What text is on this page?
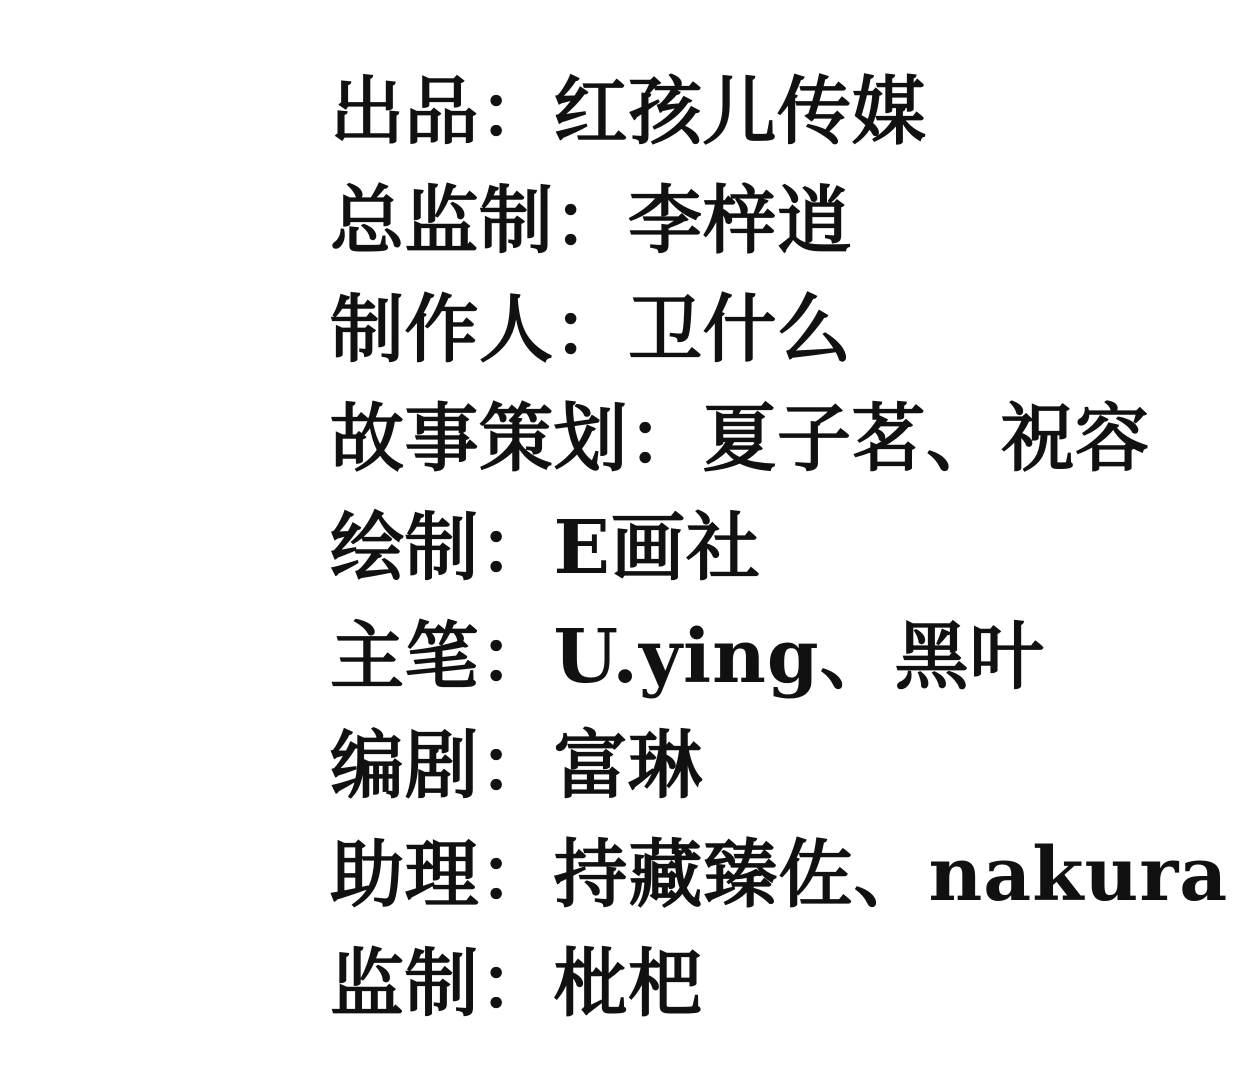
出品：红孩儿传媒
总监制：李梓逍
制作人：卫什么
故事策划：夏子茗、祝容
绘制：E画社
主笔：U.ying、黑叶
编剧：富琳
助理：持藏臻佐、nakura
监制：枇杷
